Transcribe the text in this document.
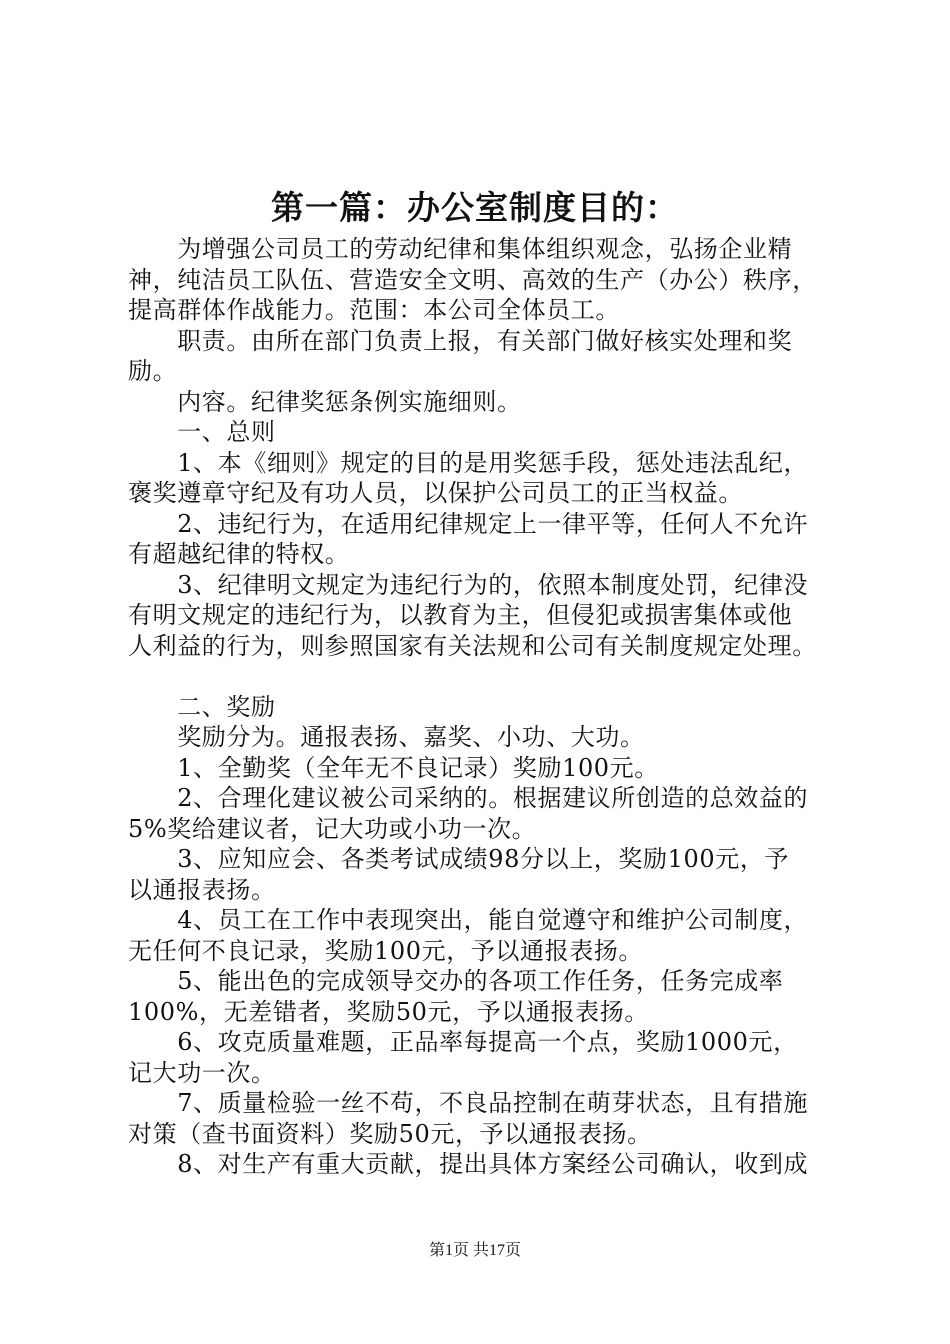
第一篇：办公室制度目的：

　　为增强公司员工的劳动纪律和集体组织观念，弘扬企业精

神，纯洁员工队伍、营造安全文明、高效的生产（办公）秩序，

提高群体作战能力。范围：本公司全体员工。

　　职责。由所在部门负责上报，有关部门做好核实处理和奖

励。

　　内容。纪律奖惩条例实施细则。

　　一、总则

　　1、本《细则》规定的目的是用奖惩手段，惩处违法乱纪，

褒奖遵章守纪及有功人员，以保护公司员工的正当权益。

　　2、违纪行为，在适用纪律规定上一律平等，任何人不允许

有超越纪律的特权。

　　3、纪律明文规定为违纪行为的，依照本制度处罚，纪律没

有明文规定的违纪行为，以教育为主，但侵犯或损害集体或他

人利益的行为，则参照国家有关法规和公司有关制度规定处理。

　　二、奖励

　　奖励分为。通报表扬、嘉奖、小功、大功。

　　1、全勤奖（全年无不良记录）奖励100元。

　　2、合理化建议被公司采纳的。根据建议所创造的总效益的

5%奖给建议者，记大功或小功一次。

　　3、应知应会、各类考试成绩98分以上，奖励100元，予

以通报表扬。

　　4、员工在工作中表现突出，能自觉遵守和维护公司制度，

无任何不良记录，奖励100元，予以通报表扬。

　　5、能出色的完成领导交办的各项工作任务，任务完成率

100%，无差错者，奖励50元，予以通报表扬。

　　6、攻克质量难题，正品率每提高一个点，奖励1000元，

记大功一次。

　　7、质量检验一丝不苟，不良品控制在萌芽状态，且有措施

对策（查书面资料）奖励50元，予以通报表扬。

　　8、对生产有重大贡献，提出具体方案经公司确认，收到成

第1页 共17页
